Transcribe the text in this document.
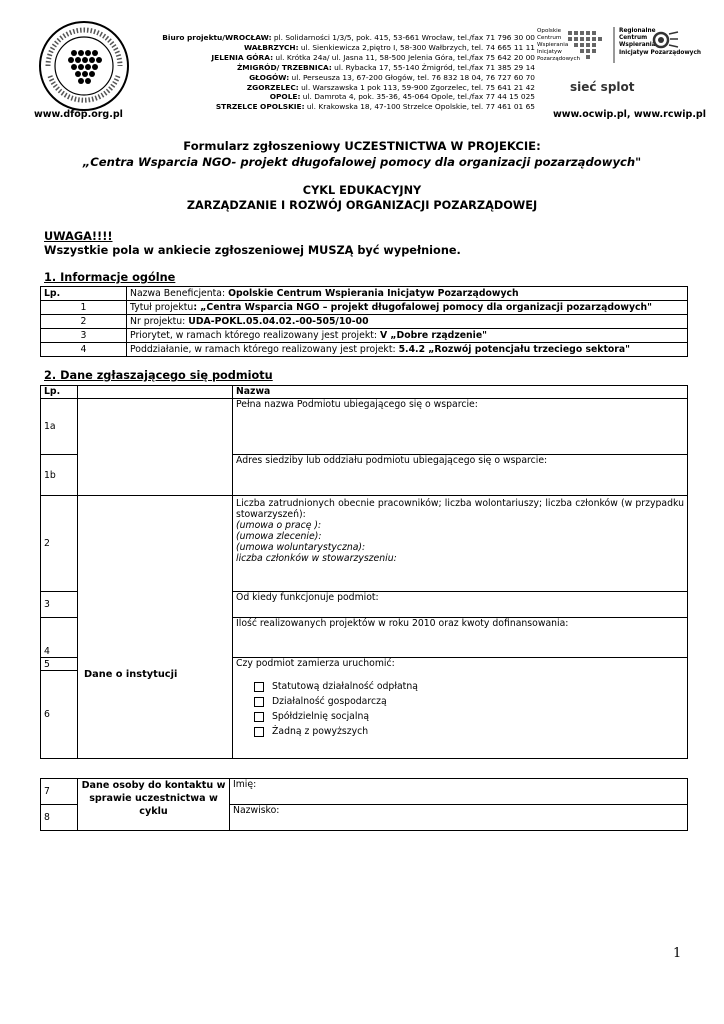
www.dfop.org.pl
Biuro projektu/WROCŁAW: pl. Solidarności 1/3/5, pok. 415, 53-661 Wrocław, tel./fax 71 796 30 00
WAŁBRZYCH: ul. Sienkiewicza 2,piętro I, 58-300 Wałbrzych, tel. 74 665 11 11
JELENIA GÓRA: ul. Krótka 24a/ ul. Jasna 11, 58-500 Jelenia Góra, tel./fax 75 642 20 00
ŻMIGRÓD/ TRZEBNICA: ul. Rybacka 17, 55-140 Żmigród, tel./fax 71 385 29 14
GŁOGÓW: ul. Perseusza 13, 67-200 Głogów, tel. 76 832 18 04, 76 727 60 70
ZGORZELEC: ul. Warszawska 1 pok 113, 59-900 Zgorzelec, tel. 75 641 21 42
OPOLE: ul. Damrota 4, pok. 35-36, 45-064 Opole, tel./fax 77 44 15 025
STRZELCE OPOLSKIE: ul. Krakowska 18, 47-100 Strzelce Opolskie, tel. 77 461 01 65
Opolskie
Centrum
Wspierania
Inicjatyw
Pozarządowych
Regionalne
Centrum
Wspierania
Inicjatyw Pozarządowych
sieć splot
www.ocwip.pl, www.rcwip.pl
Formularz zgłoszeniowy UCZESTNICTWA W PROJEKCIE:
„Centra Wsparcia NGO- projekt długofalowej pomocy dla organizacji pozarządowych"
CYKL EDUKACYJNY
ZARZĄDZANIE I ROZWÓJ ORGANIZACJI POZARZĄDOWEJ
UWAGA!!!!
Wszystkie pola w ankiecie zgłoszeniowej MUSZĄ być wypełnione.
1. Informacje ogólne
Lp.	Nazwa Beneficjenta: Opolskie Centrum Wspierania Inicjatyw Pozarządowych
1	Tytuł projektu: „Centra Wsparcia NGO – projekt długofalowej pomocy dla organizacji pozarządowych"
2	Nr projektu: UDA-POKL.05.04.02.-00-505/10-00
3	Priorytet, w ramach którego realizowany jest projekt: V „Dobre rządzenie"
4	Poddziałanie, w ramach którego realizowany jest projekt: 5.4.2 „Rozwój potencjału trzeciego sektora"
2. Dane zgłaszającego się podmiotu
Lp.		Nazwa
1a		Pełna nazwa Podmiotu ubiegającego się o wsparcie:
1b		Adres siedziby lub oddziału podmiotu ubiegającego się o wsparcie:
2		Liczba zatrudnionych obecnie pracowników; liczba wolontariuszy; liczba członków (w przypadku stowarzyszeń):
(umowa o pracę ):
(umowa zlecenie):
(umowa woluntarystyczna):
liczba członków w stowarzyszeniu:

3	Dane o instytucji	Od kiedy funkcjonuje podmiot:
4		Ilość realizowanych projektów w roku 2010 oraz kwoty dofinansowania:
5		Czy podmiot zamierza uruchomić:
Statutową działalność odpłatną
Działalność gospodarczą
Spółdzielnię socjalną
Żadną z powyższych

6		
7	Dane osoby do kontaktu w sprawie uczestnictwa w cyklu	Imię:
8		Nazwisko:
1
